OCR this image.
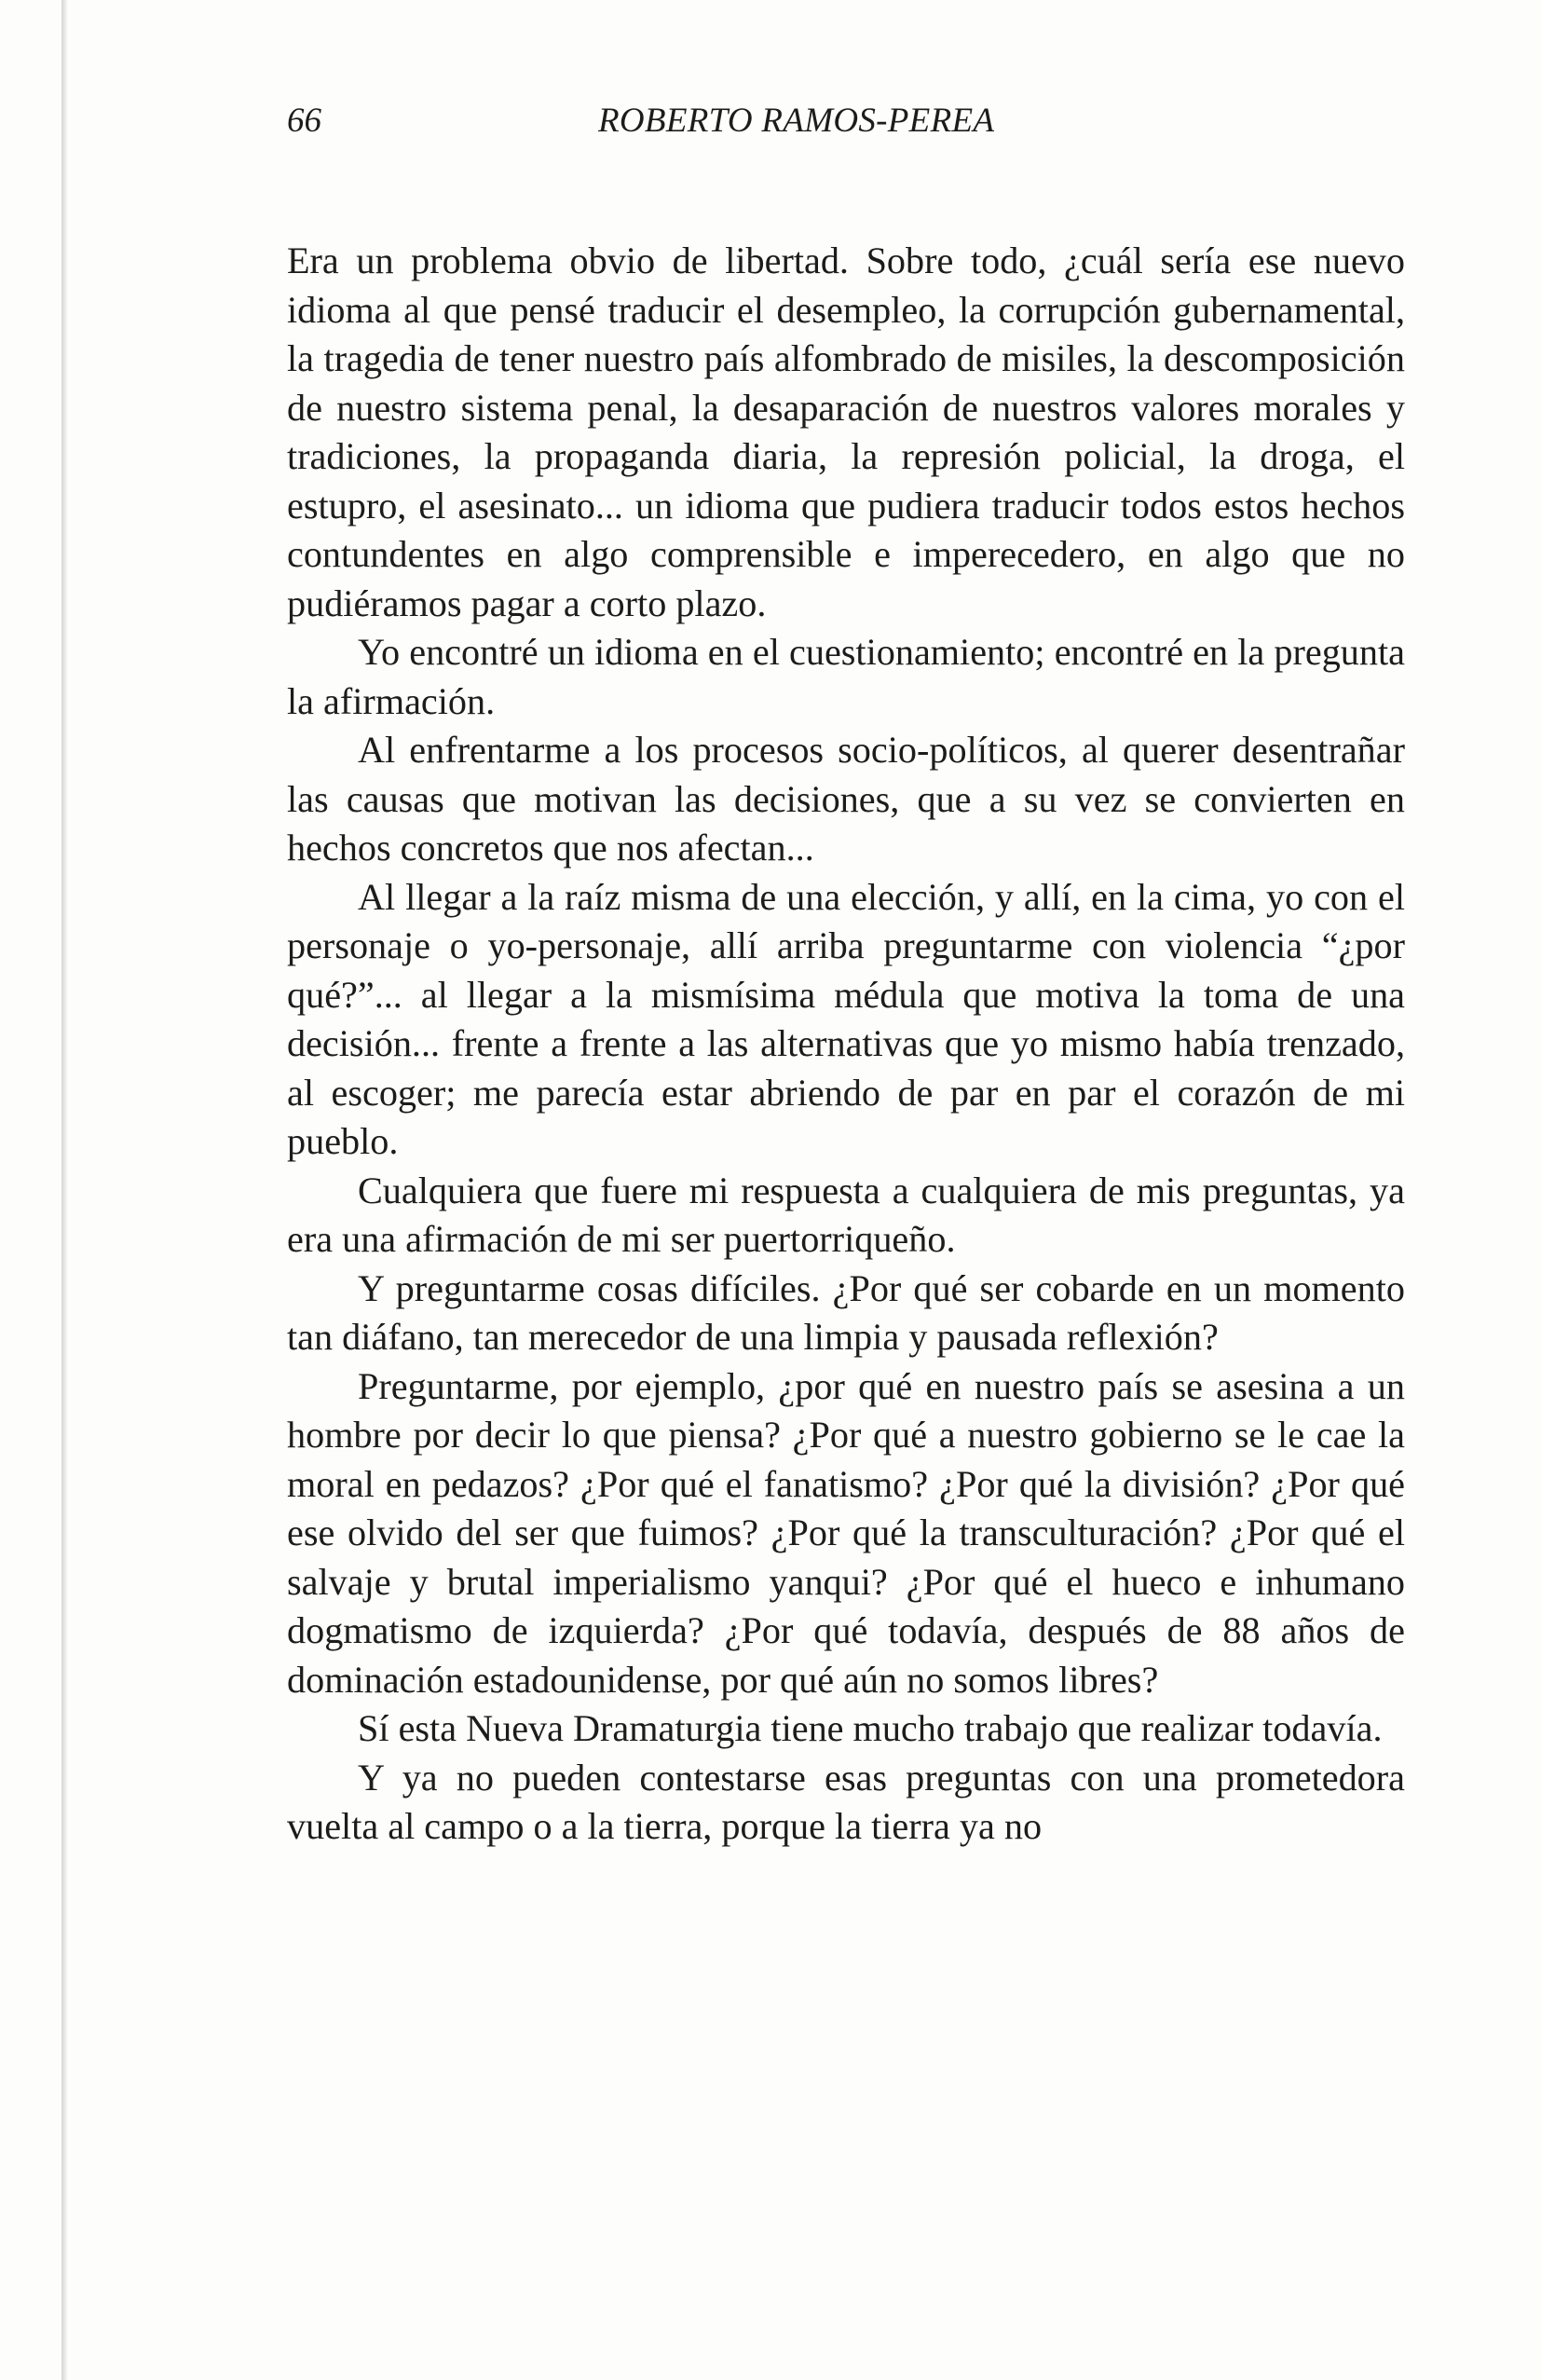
66	ROBERTO RAMOS-PEREA

Era un problema obvio de libertad. Sobre todo, ¿cuál sería ese nuevo idioma al que pensé traducir el desempleo, la corrupción gubernamental, la tragedia de tener nuestro país alfombrado de misiles, la descomposición de nuestro sistema penal, la desaparación de nuestros valores morales y tradiciones, la propaganda diaria, la represión policial, la droga, el estupro, el asesinato... un idioma que pudiera traducir todos estos hechos contundentes en algo comprensible e imperecedero, en algo que no pudiéramos pagar a corto plazo.

Yo encontré un idioma en el cuestionamiento; encontré en la pregunta la afirmación.

Al enfrentarme a los procesos socio-políticos, al querer desentrañar las causas que motivan las decisiones, que a su vez se convierten en hechos concretos que nos afectan...

Al llegar a la raíz misma de una elección, y allí, en la cima, yo con el personaje o yo-personaje, allí arriba preguntarme con violencia “¿por qué?”... al llegar a la mismísima médula que motiva la toma de una decisión... frente a frente a las alternativas que yo mismo había trenzado, al escoger; me parecía estar abriendo de par en par el corazón de mi pueblo.

Cualquiera que fuere mi respuesta a cualquiera de mis preguntas, ya era una afirmación de mi ser puertorriqueño.

Y preguntarme cosas difíciles. ¿Por qué ser cobarde en un momento tan diáfano, tan merecedor de una limpia y pausada reflexión?

Preguntarme, por ejemplo, ¿por qué en nuestro país se asesina a un hombre por decir lo que piensa? ¿Por qué a nuestro gobierno se le cae la moral en pedazos? ¿Por qué el fanatismo? ¿Por qué la división? ¿Por qué ese olvido del ser que fuimos? ¿Por qué la transculturación? ¿Por qué el salvaje y brutal imperialismo yanqui? ¿Por qué el hueco e inhumano dogmatismo de izquierda? ¿Por qué todavía, después de 88 años de dominación estadounidense, por qué aún no somos libres?

Sí esta Nueva Dramaturgia tiene mucho trabajo que realizar todavía.

Y ya no pueden contestarse esas preguntas con una prometedora vuelta al campo o a la tierra, porque la tierra ya no
